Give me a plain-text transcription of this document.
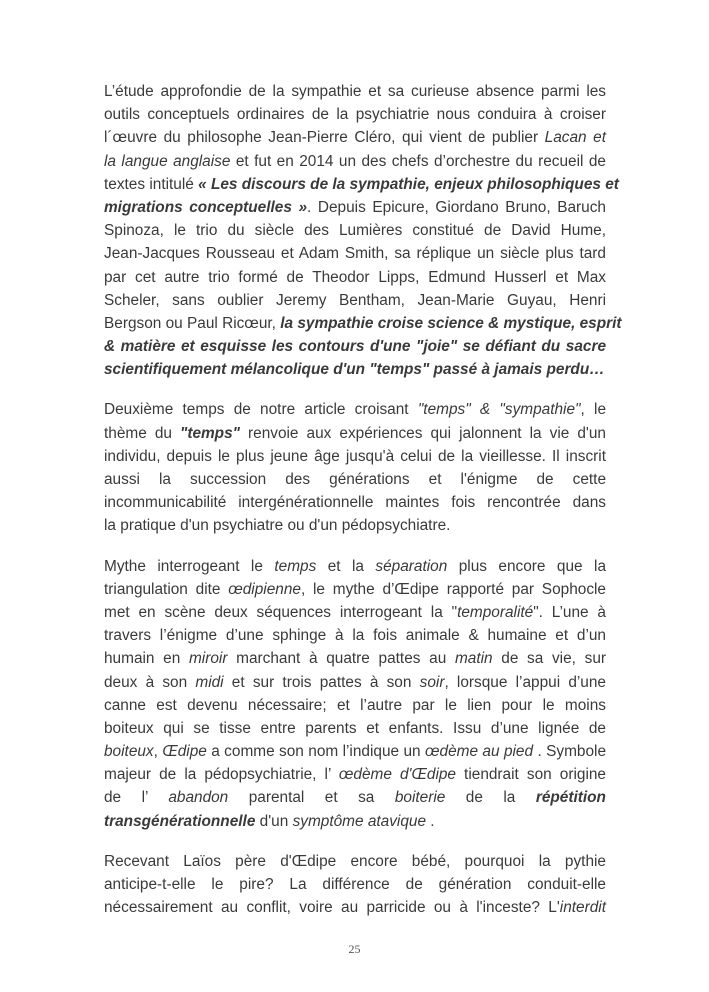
L’étude approfondie de la sympathie et sa curieuse absence parmi les
outils conceptuels ordinaires de la psychiatrie nous conduira à croiser
l´œuvre du philosophe Jean-Pierre Cléro, qui vient de publier Lacan et
la langue anglaise et fut en 2014 un des chefs d’orchestre du recueil de
textes intitulé « Les discours de la sympathie, enjeux philosophiques et
migrations conceptuelles ». Depuis Epicure, Giordano Bruno, Baruch
Spinoza, le trio du siècle des Lumières constitué de David Hume,
Jean-Jacques Rousseau et Adam Smith, sa réplique un siècle plus tard
par cet autre trio formé de Theodor Lipps, Edmund Husserl et Max
Scheler, sans oublier Jeremy Bentham, Jean-Marie Guyau, Henri
Bergson ou Paul Ricœur, la sympathie croise science & mystique, esprit
& matière et esquisse les contours d'une "joie" se défiant du sacre
scientifiquement mélancolique d'un "temps" passé à jamais perdu…
Deuxième temps de notre article croisant "temps" & "sympathie", le
thème du "temps" renvoie aux expériences qui jalonnent la vie d'un
individu, depuis le plus jeune âge jusqu'à celui de la vieillesse. Il inscrit
aussi la succession des générations et l'énigme de cette
incommunicabilité intergénérationnelle maintes fois rencontrée dans
la pratique d'un psychiatre ou d'un pédopsychiatre.
Mythe interrogeant le temps et la séparation plus encore que la
triangulation dite œdipienne, le mythe d’Œdipe rapporté par Sophocle
met en scène deux séquences interrogeant la "temporalité". L’une à
travers l’énigme d’une sphinge à la fois animale & humaine et d’un
humain en miroir marchant à quatre pattes au matin de sa vie, sur
deux à son midi et sur trois pattes à son soir, lorsque l’appui d’une
canne est devenu nécessaire; et l’autre par le lien pour le moins
boiteux qui se tisse entre parents et enfants. Issu d’une lignée de
boiteux, Œdipe a comme son nom l’indique un œdème au pied . Symbole
majeur de la pédopsychiatrie, l’ œdème d'Œdipe tiendrait son origine
de l’ abandon parental et sa boiterie de la répétition
transgénérationnelle d'un symptôme atavique .
Recevant Laïos père d'Œdipe encore bébé, pourquoi la pythie
anticipe-t-elle le pire? La différence de génération conduit-elle
nécessairement au conflit, voire au parricide ou à l'inceste? L'interdit
25
